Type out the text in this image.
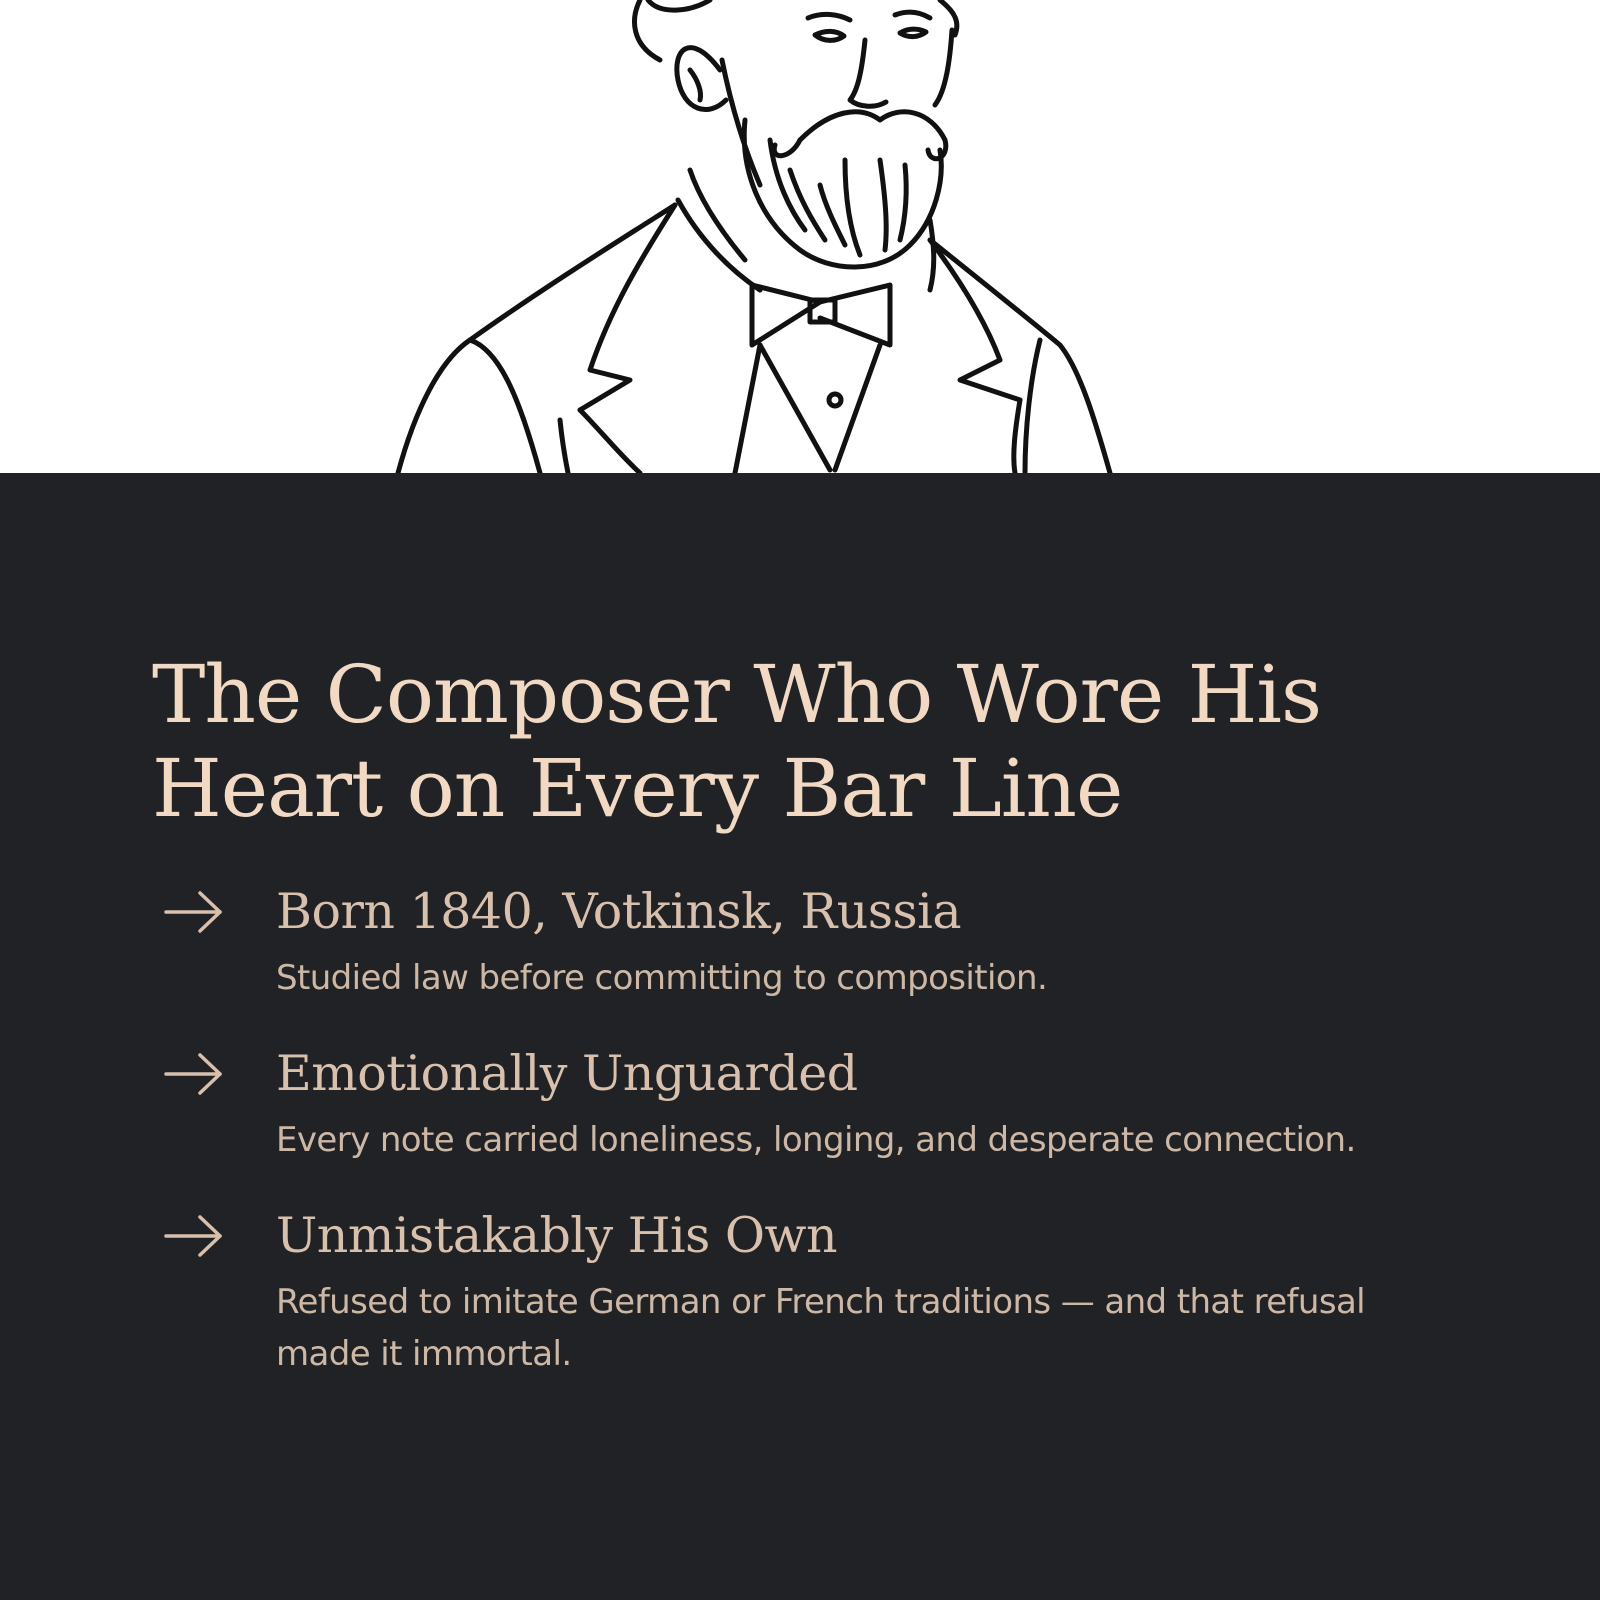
The Composer Who Wore His Heart on Every Bar Line
Born 1840, Votkinsk, Russia
Studied law before committing to composition.
Emotionally Unguarded
Every note carried loneliness, longing, and desperate connection.
Unmistakably His Own
Refused to imitate German or French traditions — and that refusal made it immortal.
